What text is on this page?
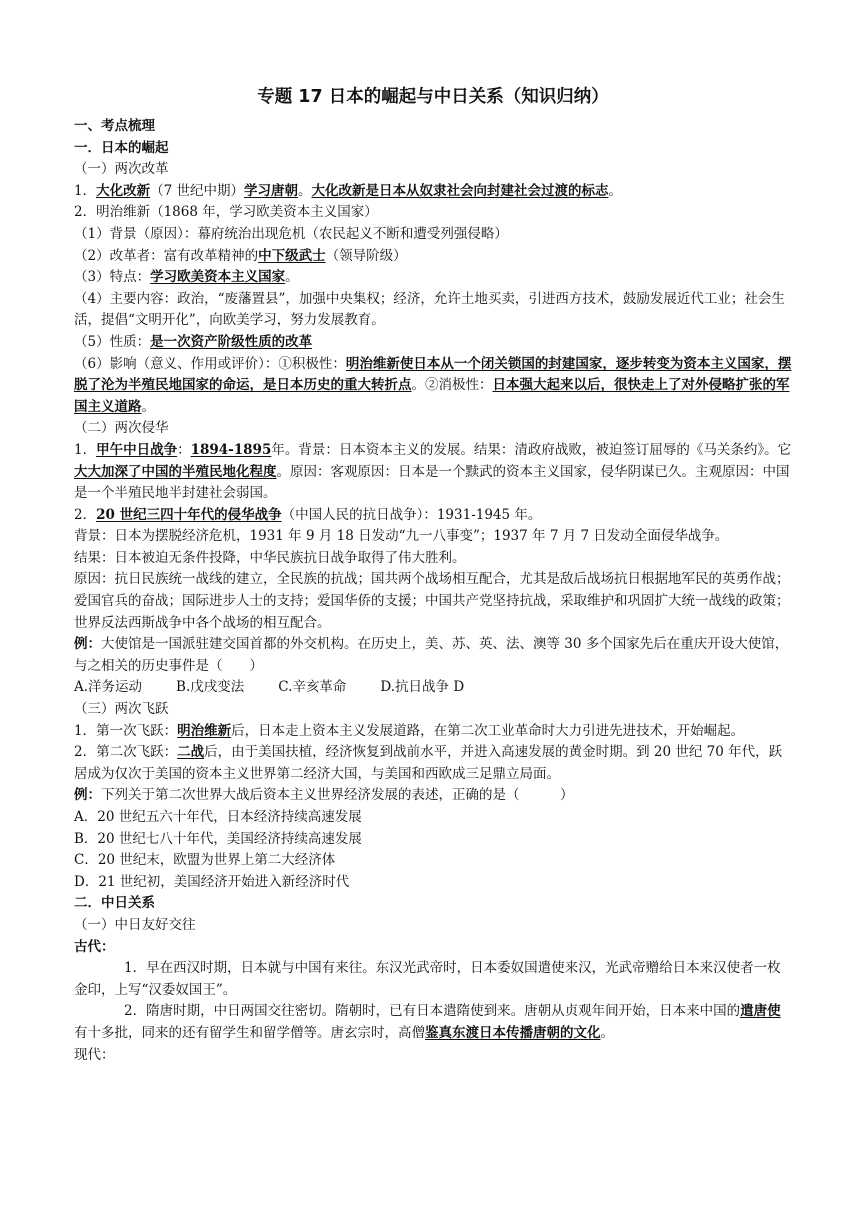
专题 17 日本的崛起与中日关系（知识归纳）

一、考点梳理

一．日本的崛起

（一）两次改革

1．大化改新（7 世纪中期）学习唐朝。大化改新是日本从奴隶社会向封建社会过渡的标志。

2．明治维新（1868 年，学习欧美资本主义国家）

（1）背景（原因）：幕府统治出现危机（农民起义不断和遭受列强侵略）

（2）改革者：富有改革精神的中下级武士（领导阶级）

（3）特点：学习欧美资本主义国家。

（4）主要内容：政治，“废藩置县”，加强中央集权；经济，允许土地买卖，引进西方技术，鼓励发展近代工业；社会生活，提倡“文明开化”，向欧美学习，努力发展教育。

（5）性质：是一次资产阶级性质的改革

（6）影响（意义、作用或评价）：①积极性：明治维新使日本从一个闭关锁国的封建国家，逐步转变为资本主义国家，摆脱了沦为半殖民地国家的命运，是日本历史的重大转折点。②消极性：日本强大起来以后，很快走上了对外侵略扩张的军国主义道路。

（二）两次侵华

1．甲午中日战争：1894-1895年。背景：日本资本主义的发展。结果：清政府战败，被迫签订屈辱的《马关条约》。它大大加深了中国的半殖民地化程度。原因：客观原因：日本是一个黩武的资本主义国家，侵华阴谋已久。主观原因：中国是一个半殖民地半封建社会弱国。

2．20 世纪三四十年代的侵华战争（中国人民的抗日战争）：1931-1945 年。

背景：日本为摆脱经济危机，1931 年 9 月 18 日发动“九一八事变”；1937 年 7 月 7 日发动全面侵华战争。

结果：日本被迫无条件投降，中华民族抗日战争取得了伟大胜利。

原因：抗日民族统一战线的建立，全民族的抗战；国共两个战场相互配合，尤其是敌后战场抗日根据地军民的英勇作战；爱国官兵的奋战；国际进步人士的支持；爱国华侨的支援；中国共产党坚持抗战，采取维护和巩固扩大统一战线的政策；世界反法西斯战争中各个战场的相互配合。

例：大使馆是一国派驻建交国首都的外交机构。在历史上，美、苏、英、法、澳等 30 多个国家先后在重庆开设大使馆，与之相关的历史事件是（　　）

A.洋务运动	B.戊戌变法	C.辛亥革命	D.抗日战争 D

（三）两次飞跃

1．第一次飞跃：明治维新后，日本走上资本主义发展道路，在第二次工业革命时大力引进先进技术，开始崛起。

2．第二次飞跃：二战后，由于美国扶植，经济恢复到战前水平，并进入高速发展的黄金时期。到 20 世纪 70 年代，跃居成为仅次于美国的资本主义世界第二经济大国，与美国和西欧成三足鼎立局面。

例：下列关于第二次世界大战后资本主义世界经济发展的表述，正确的是（　　　）

A．20 世纪五六十年代，日本经济持续高速发展

B．20 世纪七八十年代，美国经济持续高速发展

C．20 世纪末，欧盟为世界上第二大经济体

D．21 世纪初，美国经济开始进入新经济时代

二．中日关系

（一）中日友好交往

古代：

1．早在西汉时期，日本就与中国有来往。东汉光武帝时，日本委奴国遣使来汉，光武帝赠给日本来汉使者一枚金印，上写“汉委奴国王”。

2．隋唐时期，中日两国交往密切。隋朝时，已有日本遣隋使到来。唐朝从贞观年间开始，日本来中国的遣唐使有十多批，同来的还有留学生和留学僧等。唐玄宗时，高僧鉴真东渡日本传播唐朝的文化。

现代：
